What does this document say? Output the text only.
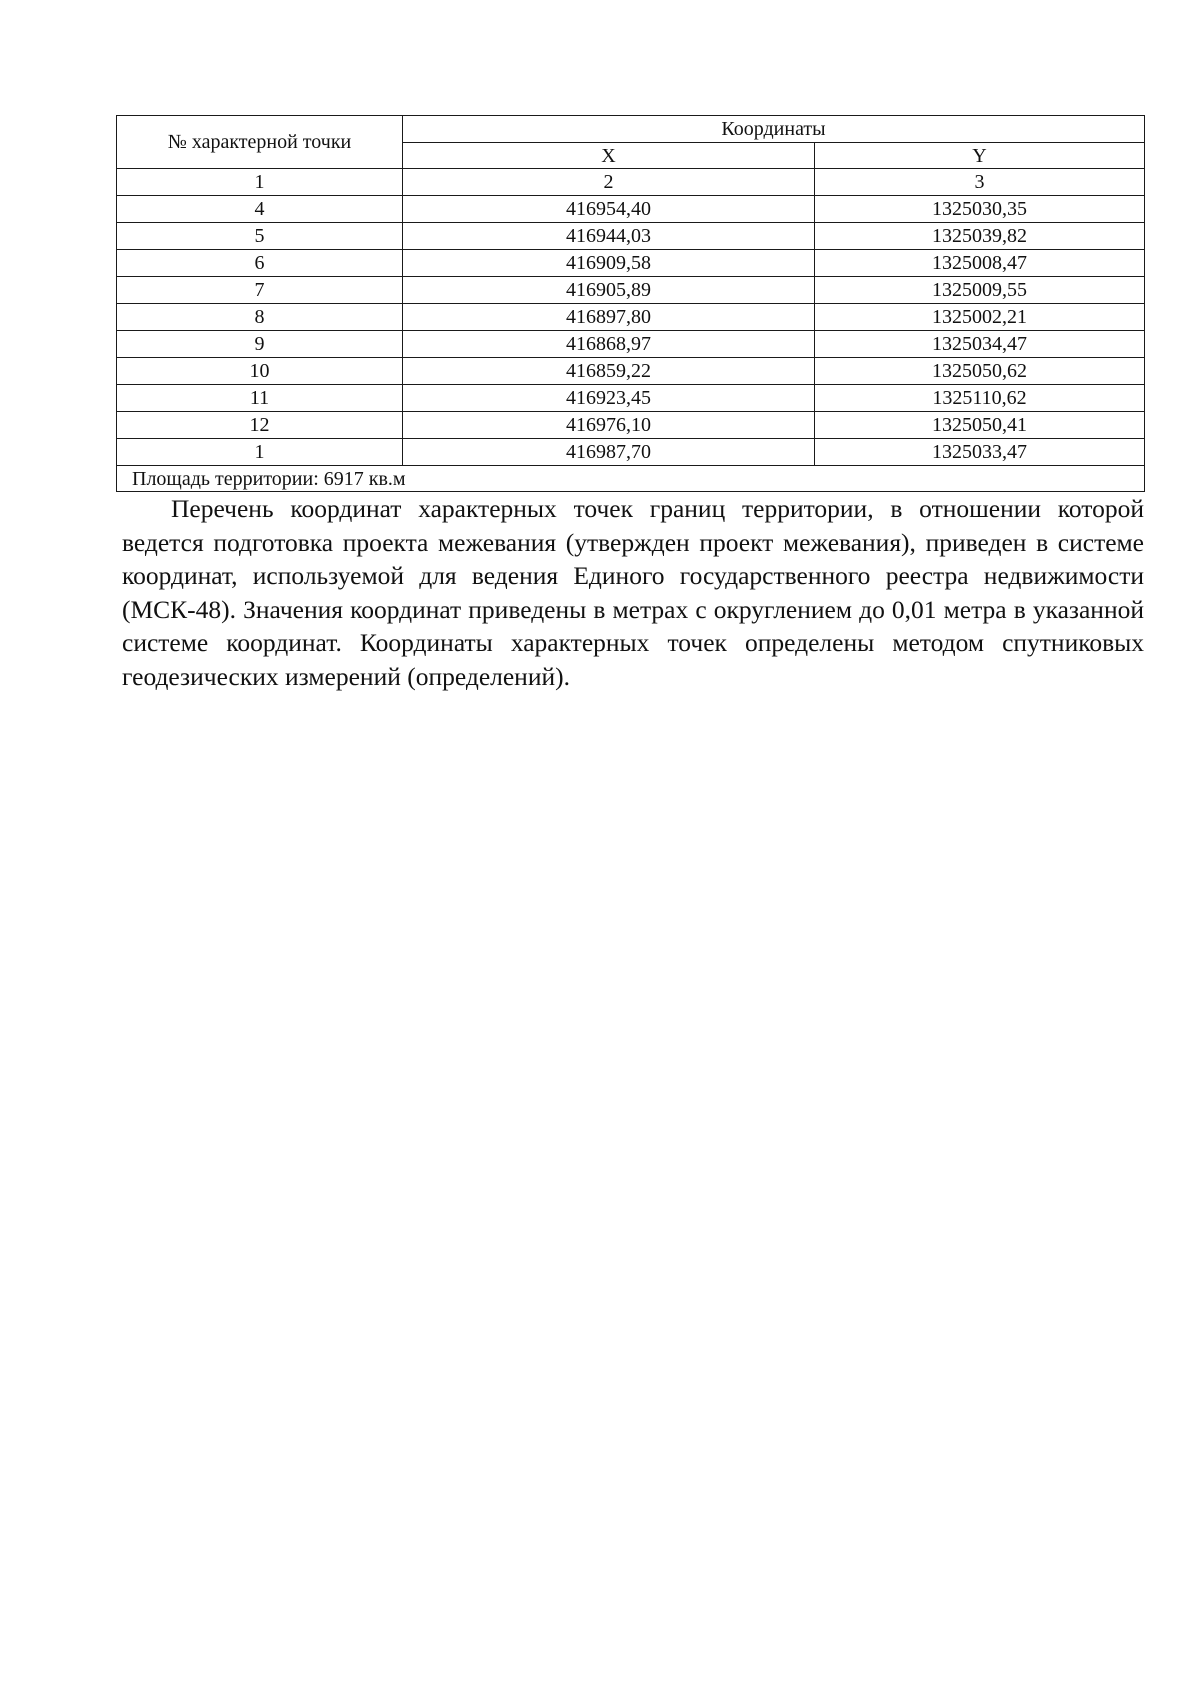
№ характерной точки	Координаты	
	X	Y
1	2	3
4	416954,40	1325030,35
5	416944,03	1325039,82
6	416909,58	1325008,47
7	416905,89	1325009,55
8	416897,80	1325002,21
9	416868,97	1325034,47
10	416859,22	1325050,62
11	416923,45	1325110,62
12	416976,10	1325050,41
1	416987,70	1325033,47
Площадь территории: 6917 кв.м		

Перечень координат характерных точек границ территории, в отношении которой ведется подготовка проекта межевания (утвержден проект межевания), приведен в системе координат, используемой для ведения Единого государственного реестра недвижимости (МСК-48). Значения координат приведены в метрах с округлением до 0,01 метра в указанной системе координат. Координаты характерных точек определены методом спутниковых геодезических измерений (определений).
